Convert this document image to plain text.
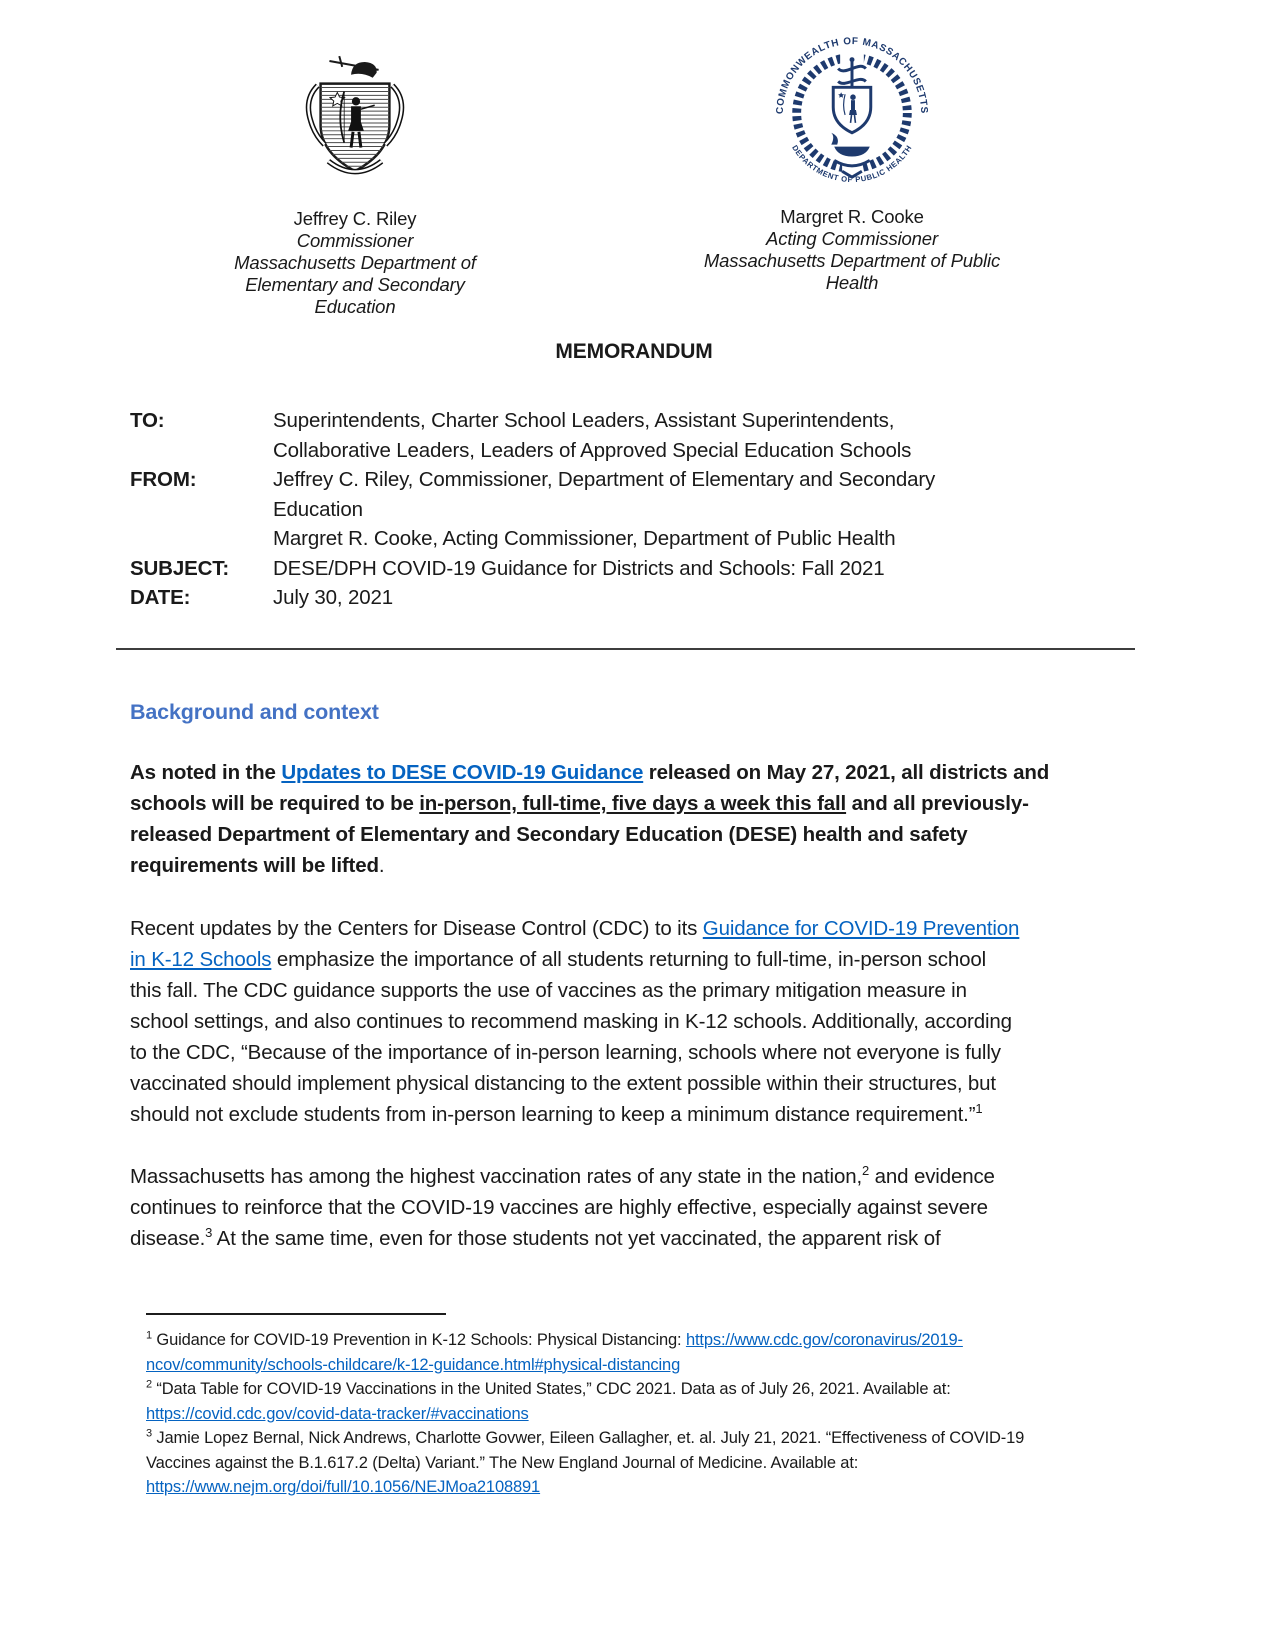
Jeffrey C. Riley
Commissioner
Massachusetts Department of
Elementary and Secondary Education
COMMONWEALTH OF MASSACHUSETTS
DEPARTMENT OF PUBLIC HEALTH
Margret R. Cooke
Acting Commissioner
Massachusetts Department of Public Health
MEMORANDUM
TO:	Superintendents, Charter School Leaders, Assistant Superintendents,
Collaborative Leaders, Leaders of Approved Special Education Schools
FROM:	Jeffrey C. Riley, Commissioner, Department of Elementary and Secondary
Education
Margret R. Cooke, Acting Commissioner, Department of Public Health
SUBJECT:	DESE/DPH COVID-19 Guidance for Districts and Schools: Fall 2021
DATE:	July 30, 2021
Background and context
As noted in the Updates to DESE COVID-19 Guidance released on May 27, 2021, all districts and
schools will be required to be in-person, full-time, five days a week this fall and all previously-
released Department of Elementary and Secondary Education (DESE) health and safety
requirements will be lifted.
Recent updates by the Centers for Disease Control (CDC) to its Guidance for COVID-19 Prevention
in K-12 Schools emphasize the importance of all students returning to full-time, in-person school
this fall. The CDC guidance supports the use of vaccines as the primary mitigation measure in
school settings, and also continues to recommend masking in K-12 schools. Additionally, according
to the CDC, “Because of the importance of in-person learning, schools where not everyone is fully
vaccinated should implement physical distancing to the extent possible within their structures, but
should not exclude students from in-person learning to keep a minimum distance requirement.”$^1$
Massachusetts has among the highest vaccination rates of any state in the nation,$^2$ and evidence
continues to reinforce that the COVID-19 vaccines are highly effective, especially against severe
disease.$^3$ At the same time, even for those students not yet vaccinated, the apparent risk of
$^1$ Guidance for COVID-19 Prevention in K-12 Schools: Physical Distancing: https://www.cdc.gov/coronavirus/2019-
ncov/community/schools-childcare/k-12-guidance.html#physical-distancing
$^2$ “Data Table for COVID-19 Vaccinations in the United States,” CDC 2021. Data as of July 26, 2021. Available at:
https://covid.cdc.gov/covid-data-tracker/#vaccinations
$^3$ Jamie Lopez Bernal, Nick Andrews, Charlotte Govwer, Eileen Gallagher, et. al. July 21, 2021. “Effectiveness of COVID-19
Vaccines against the B.1.617.2 (Delta) Variant.” The New England Journal of Medicine. Available at:
https://www.nejm.org/doi/full/10.1056/NEJMoa2108891
